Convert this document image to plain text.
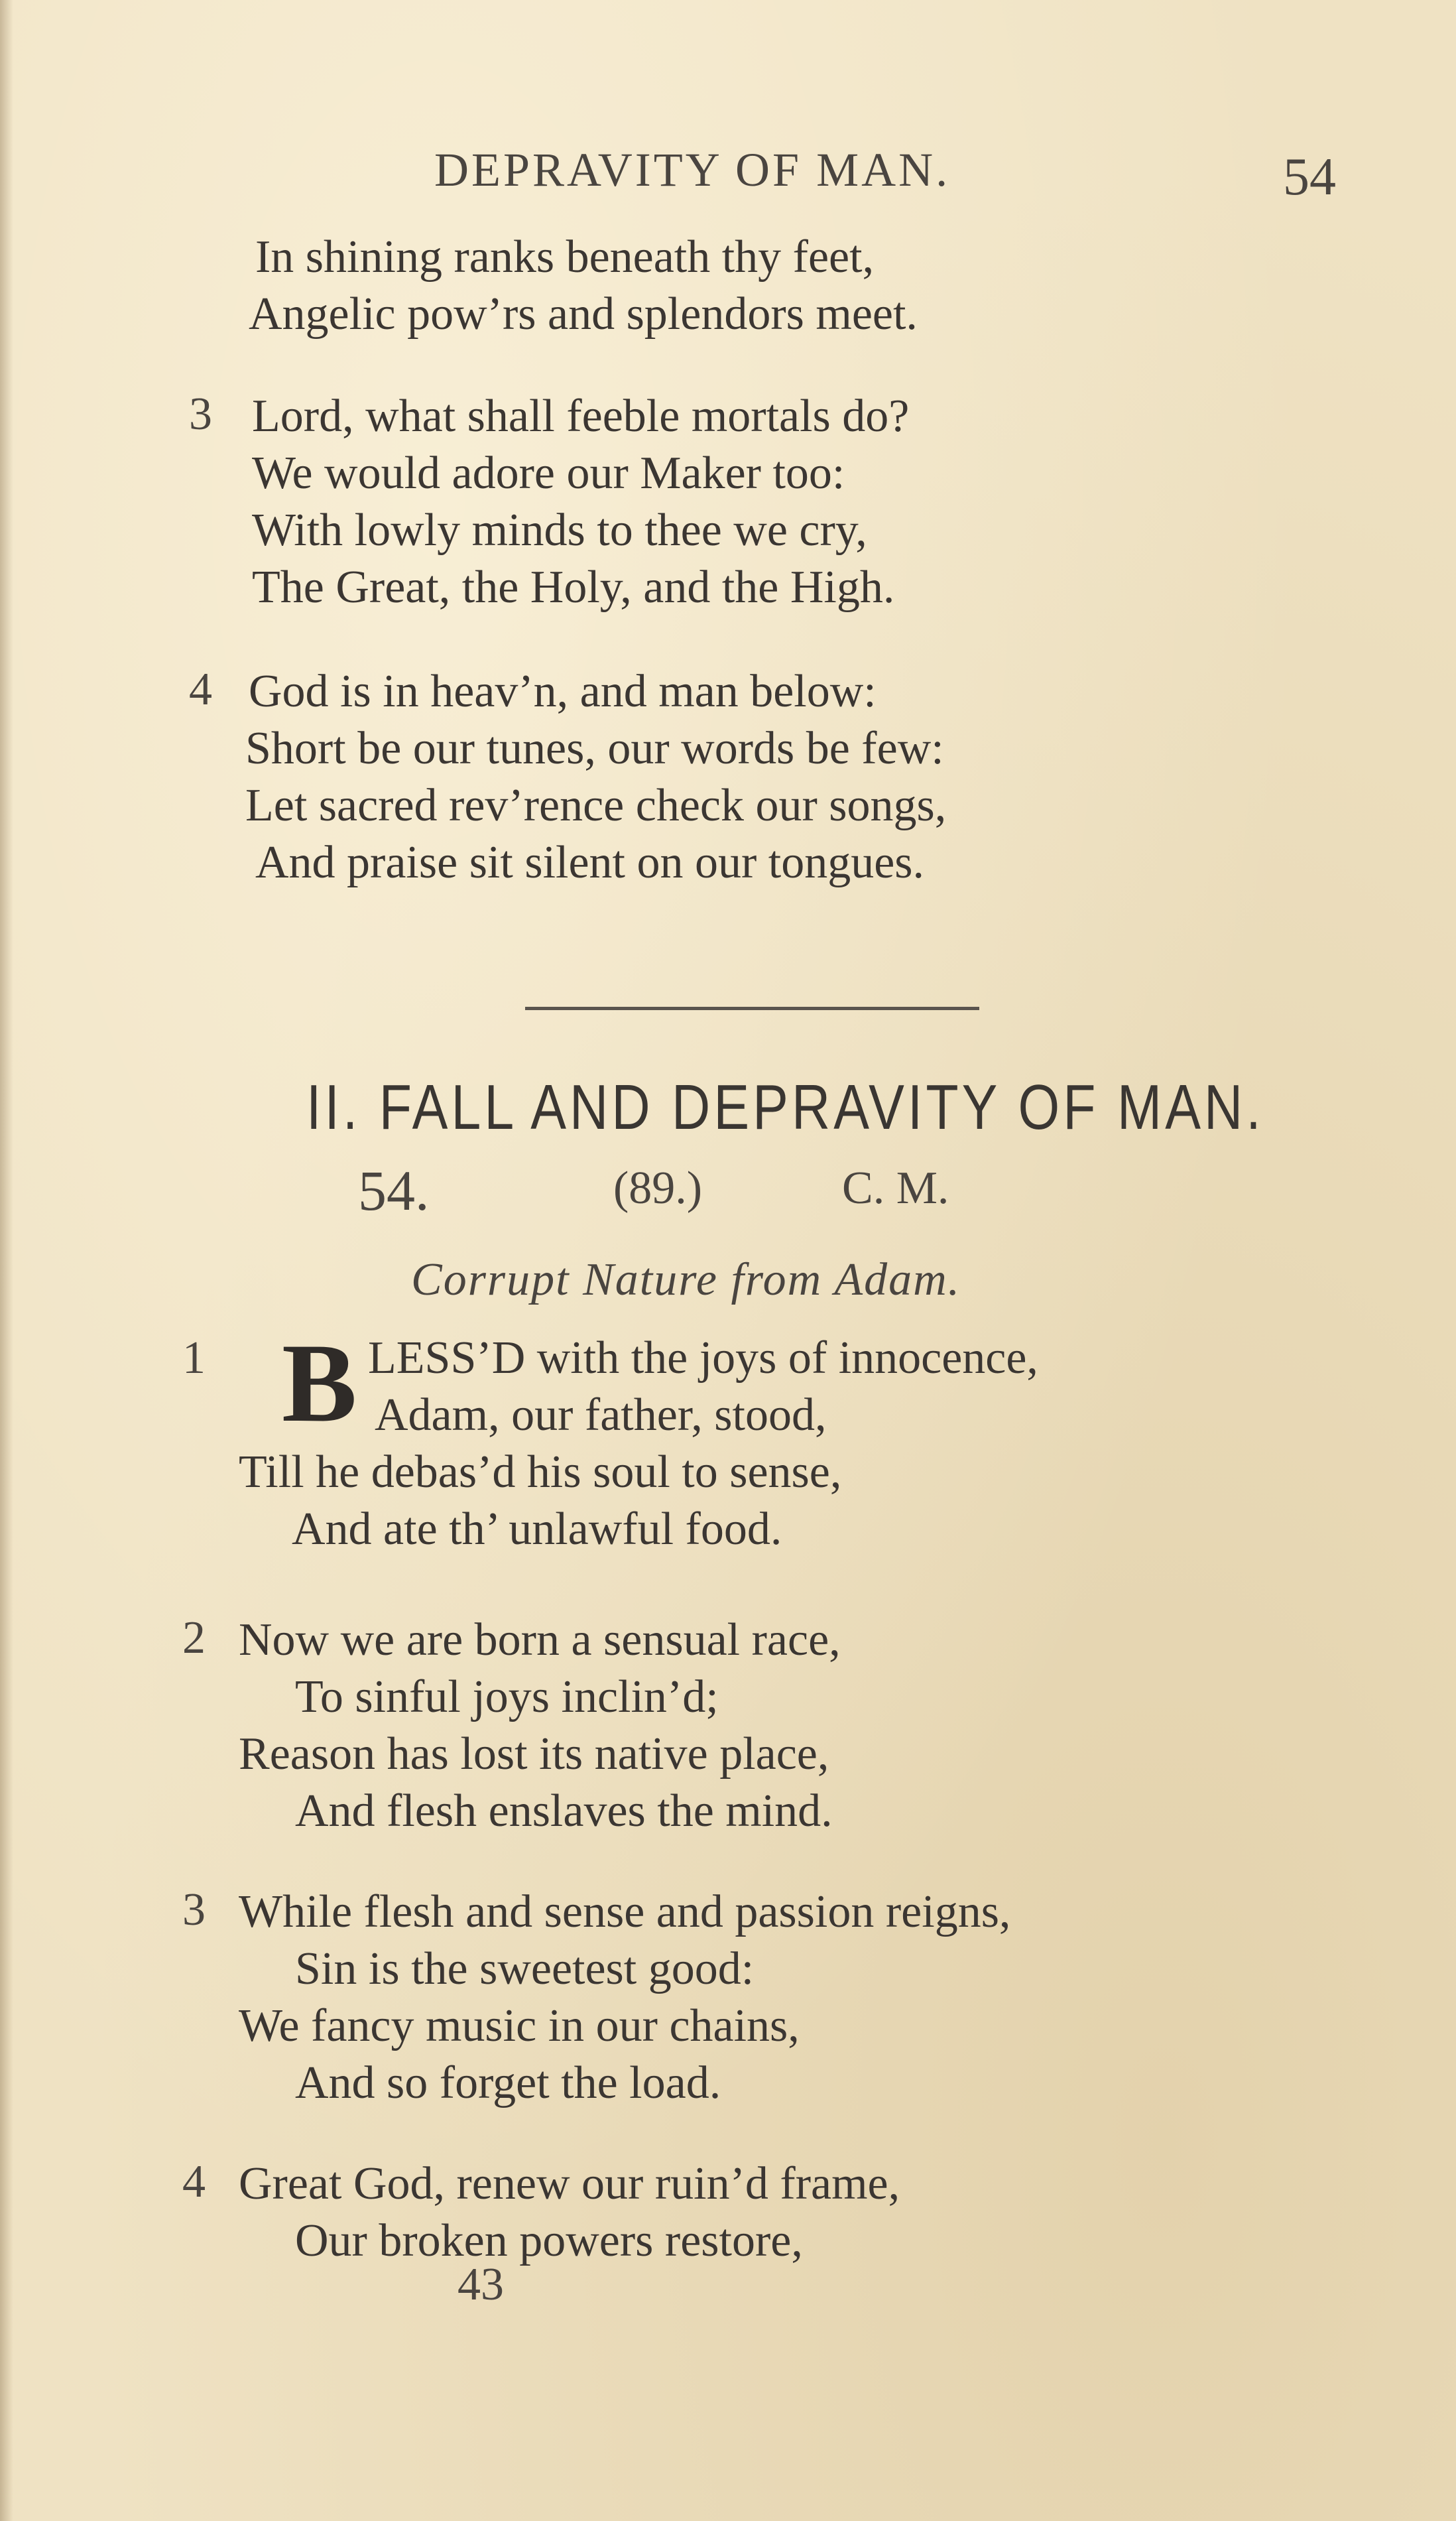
DEPRAVITY OF MAN.	54
In shining ranks beneath thy feet,
Angelic pow’rs and splendors meet.
3 Lord, what shall feeble mortals do?
We would adore our Maker too:
With lowly minds to thee we cry,
The Great, the Holy, and the High.
4 God is in heav’n, and man below:
Short be our tunes, our words be few:
Let sacred rev’rence check our songs,
And praise sit silent on our tongues.
II. FALL AND DEPRAVITY OF MAN.
54.	(89.)	C. M.
Corrupt Nature from Adam.
1 B LESS’D with the joys of innocence,
Adam, our father, stood,
Till he debas’d his soul to sense,
And ate th’ unlawful food.
2 Now we are born a sensual race,
To sinful joys inclin’d;
Reason has lost its native place,
And flesh enslaves the mind.
3 While flesh and sense and passion reigns,
Sin is the sweetest good:
We fancy music in our chains,
And so forget the load.
4 Great God, renew our ruin’d frame,
Our broken powers restore,
43
